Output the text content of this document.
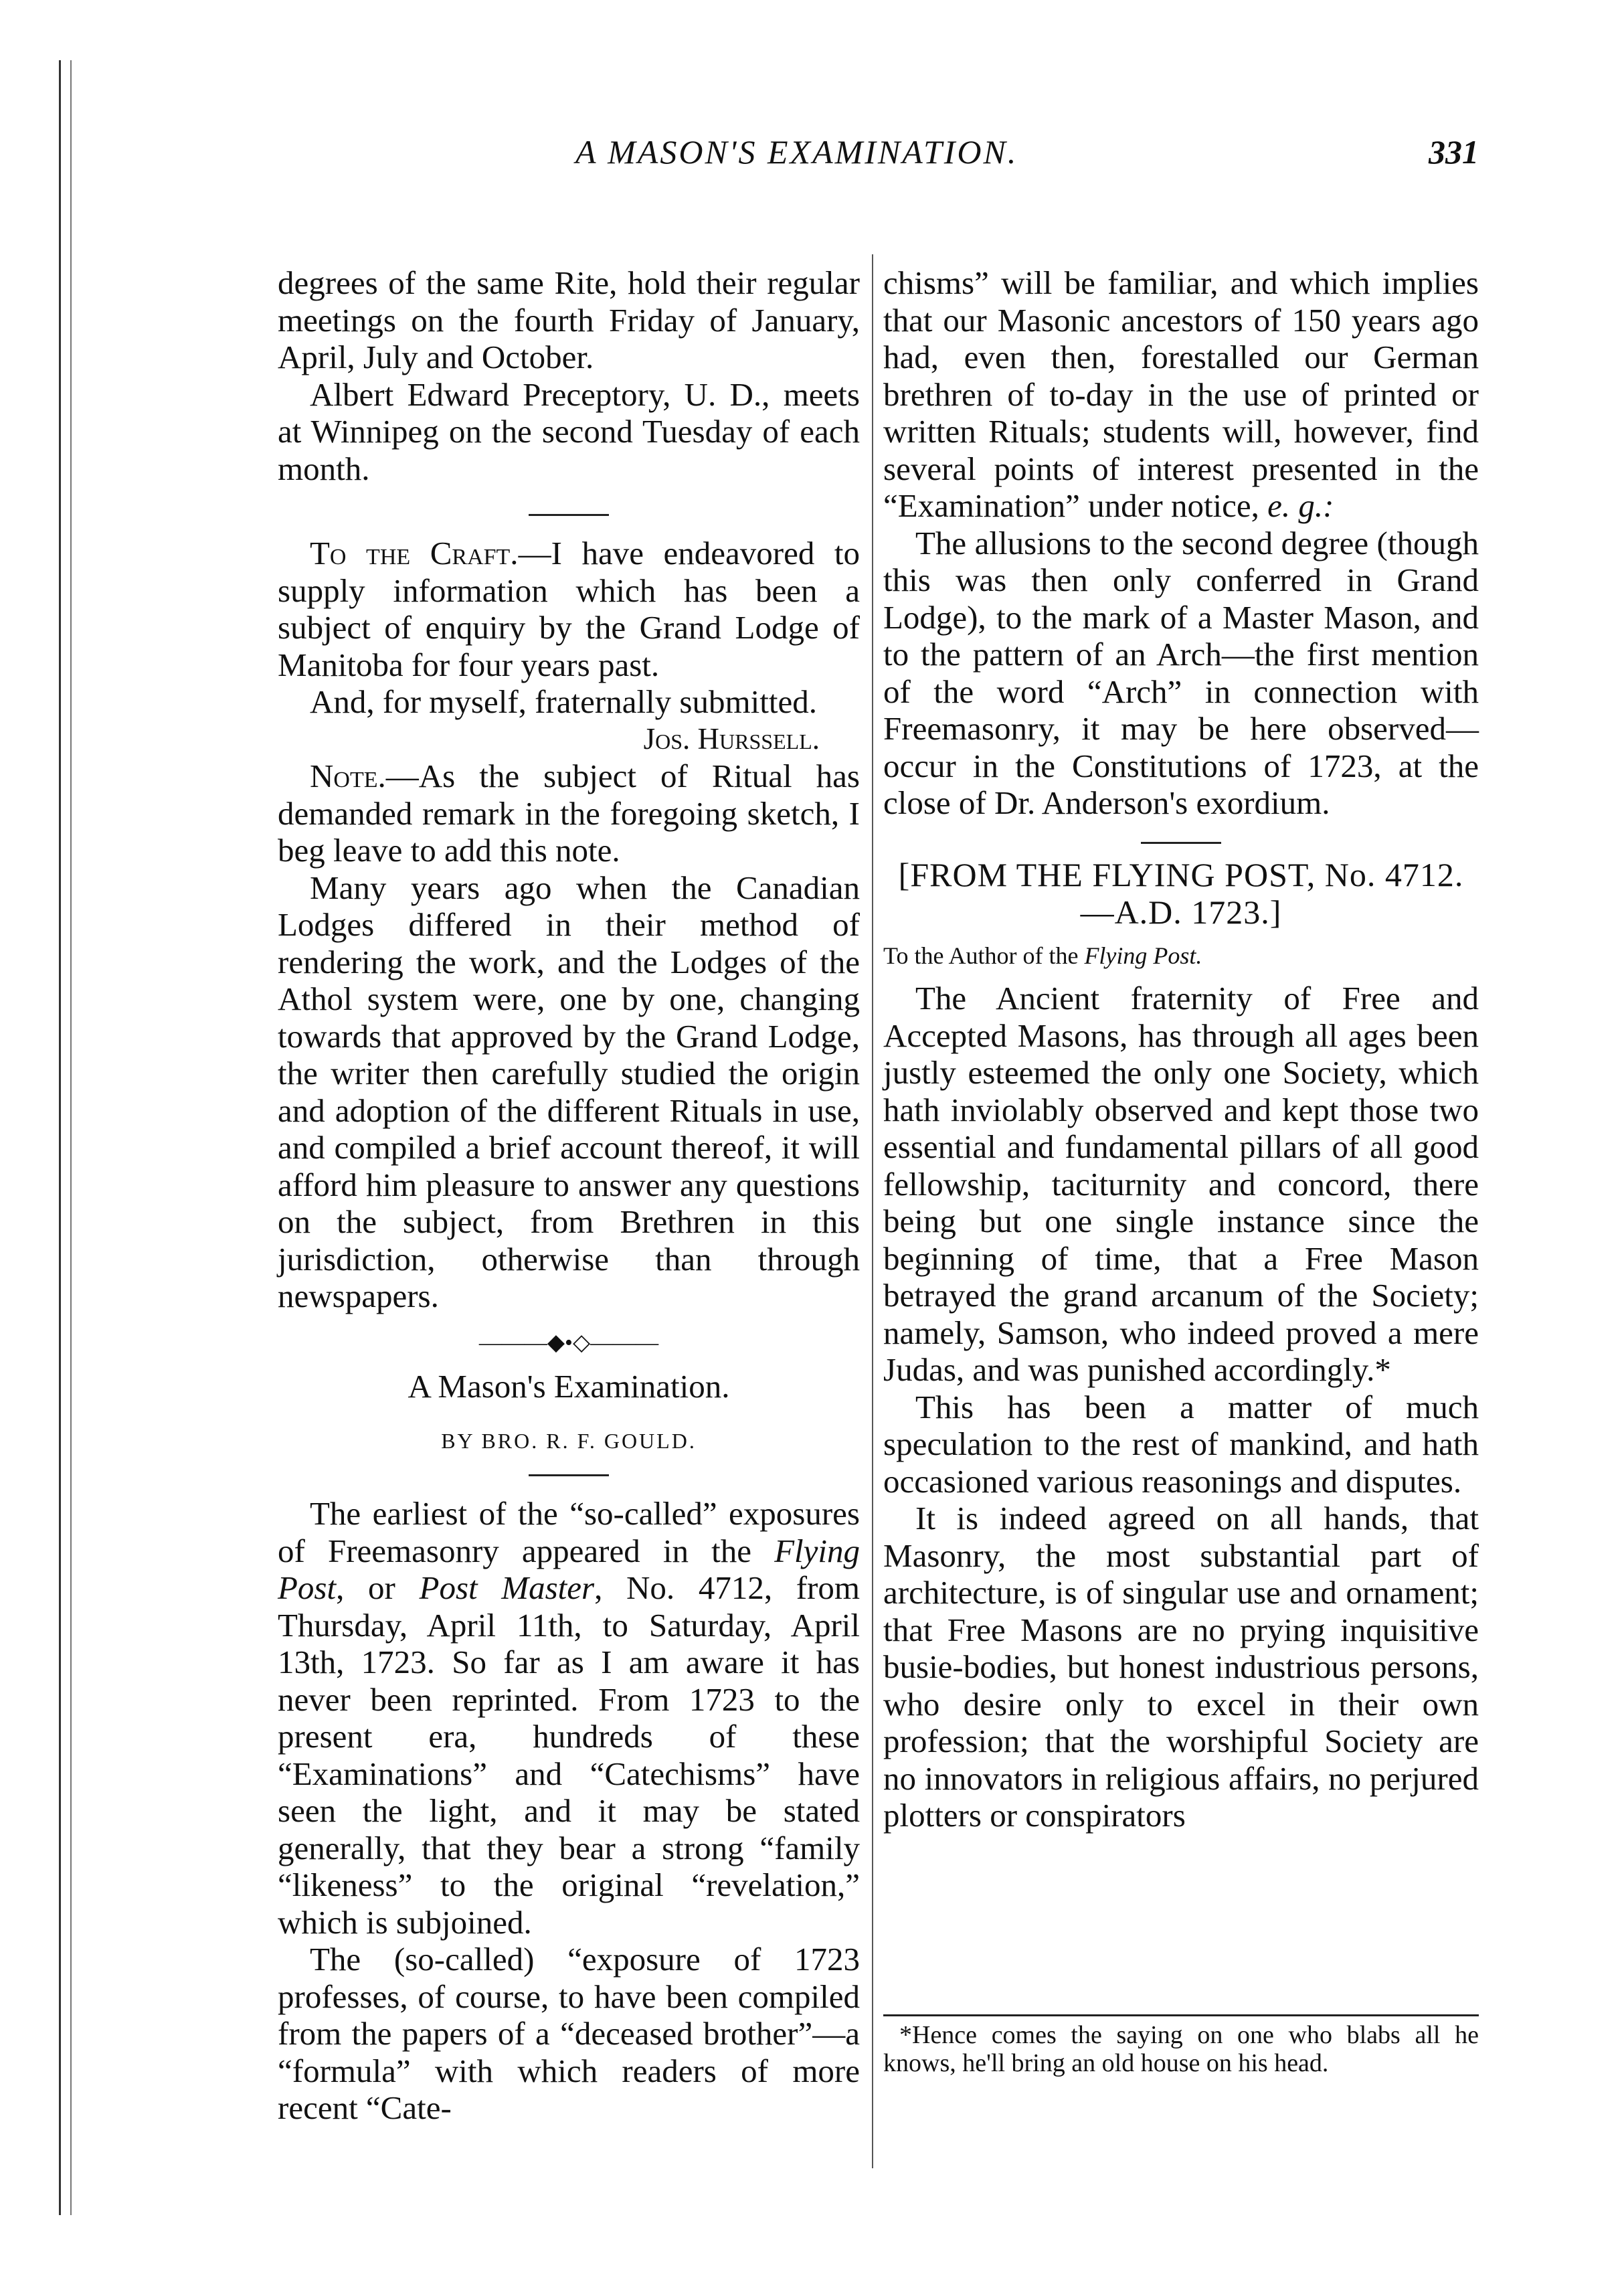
A MASON'S EXAMINATION.	331

degrees of the same Rite, hold their regular meetings on the fourth Friday of January, April, July and October.

Albert Edward Preceptory, U. D., meets at Winnipeg on the second Tuesday of each month.

To the Craft.—I have endeavored to supply information which has been a subject of enquiry by the Grand Lodge of Manitoba for four years past.

And, for myself, fraternally submitted.

Jos. Hurssell.

Note.—As the subject of Ritual has demanded remark in the foregoing sketch, I beg leave to add this note.

Many years ago when the Canadian Lodges differed in their method of rendering the work, and the Lodges of the Athol system were, one by one, changing towards that approved by the Grand Lodge, the writer then carefully studied the origin and adoption of the different Rituals in use, and compiled a brief account thereof, it will afford him pleasure to answer any questions on the subject, from Brethren in this jurisdiction, otherwise than through newspapers.

———◆•◇———
A Mason's Examination.
BY BRO. R. F. GOULD.

The earliest of the “so-called” exposures of Freemasonry appeared in the Flying Post, or Post Master, No. 4712, from Thursday, April 11th, to Saturday, April 13th, 1723. So far as I am aware it has never been reprinted. From 1723 to the present era, hundreds of these “Examinations” and “Catechisms” have seen the light, and it may be stated generally, that they bear a strong “family “likeness” to the original “revelation,” which is subjoined.

The (so-called) “exposure of 1723 professes, of course, to have been compiled from the papers of a “deceased brother”—a “formula” with which readers of more recent “Cate-

chisms” will be familiar, and which implies that our Masonic ancestors of 150 years ago had, even then, forestalled our German brethren of to-day in the use of printed or written Rituals; students will, however, find several points of interest presented in the “Examination” under notice, e. g.:

The allusions to the second degree (though this was then only conferred in Grand Lodge), to the mark of a Master Mason, and to the pattern of an Arch—the first mention of the word “Arch” in connection with Freemasonry, it may be here observed—occur in the Constitutions of 1723, at the close of Dr. Anderson's exordium.

[FROM THE FLYING POST, No. 4712.—A.D. 1723.]
To the Author of the Flying Post.

The Ancient fraternity of Free and Accepted Masons, has through all ages been justly esteemed the only one Society, which hath inviolably observed and kept those two essential and fundamental pillars of all good fellowship, taciturnity and concord, there being but one single instance since the beginning of time, that a Free Mason betrayed the grand arcanum of the Society; namely, Samson, who indeed proved a mere Judas, and was punished accordingly.*

This has been a matter of much speculation to the rest of mankind, and hath occasioned various reasonings and disputes.

It is indeed agreed on all hands, that Masonry, the most substantial part of architecture, is of singular use and ornament; that Free Masons are no prying inquisitive busie-bodies, but honest industrious persons, who desire only to excel in their own profession; that the worshipful Society are no innovators in religious affairs, no perjured plotters or conspirators

*Hence comes the saying on one who blabs all he knows, he'll bring an old house on his head.
